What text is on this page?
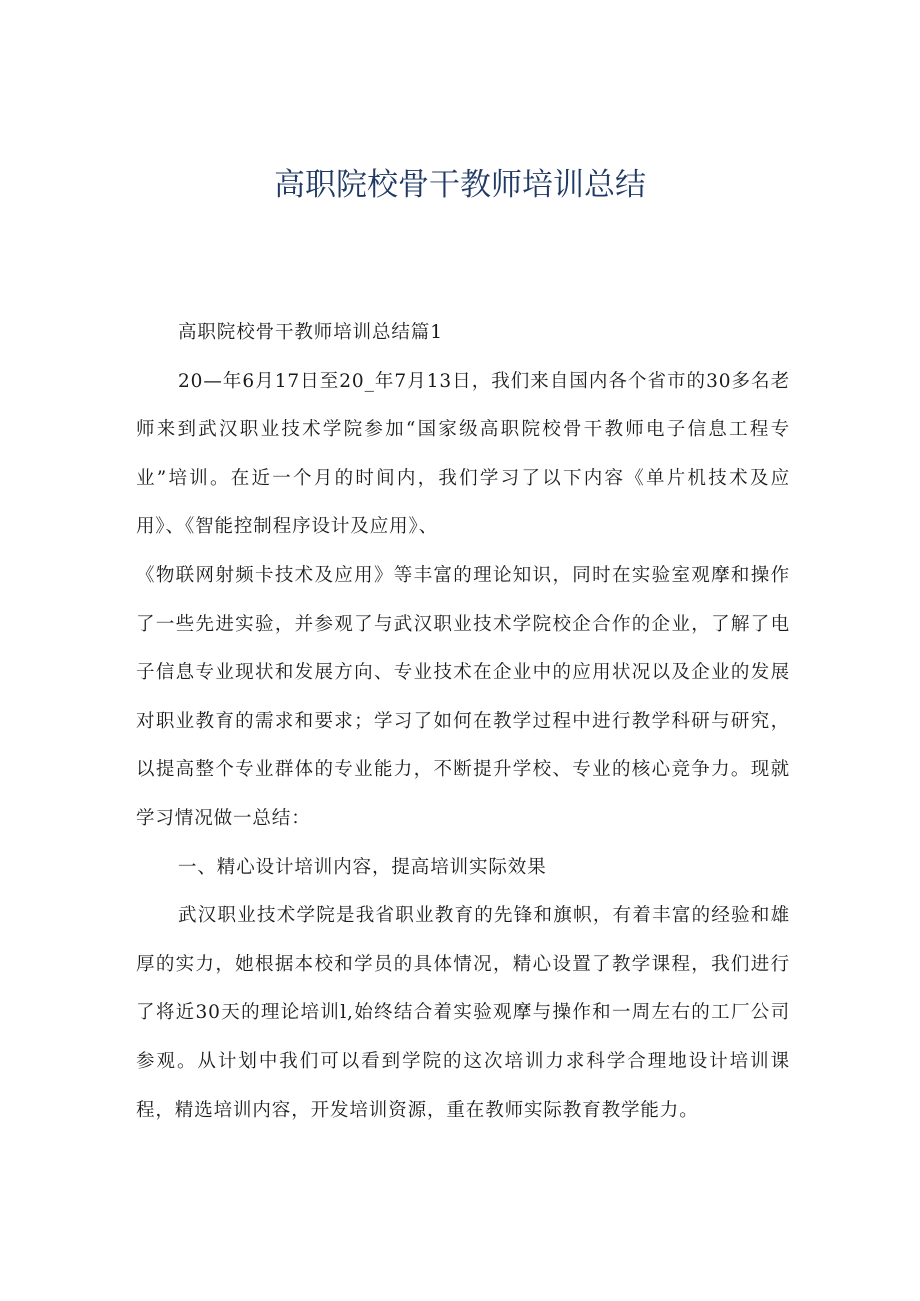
高职院校骨干教师培训总结

高职院校骨干教师培训总结篇1

20—年6月17日至20_年7月13日，我们来自国内各个省市的30多名老师来到武汉职业技术学院参加“国家级高职院校骨干教师电子信息工程专业”培训。在近一个月的时间内，我们学习了以下内容《单片机技术及应用》、《智能控制程序设计及应用》、

《物联网射频卡技术及应用》等丰富的理论知识，同时在实验室观摩和操作了一些先进实验，并参观了与武汉职业技术学院校企合作的企业，了解了电子信息专业现状和发展方向、专业技术在企业中的应用状况以及企业的发展对职业教育的需求和要求；学习了如何在教学过程中进行教学科研与研究，以提高整个专业群体的专业能力，不断提升学校、专业的核心竞争力。现就学习情况做一总结：

一、精心设计培训内容，提高培训实际效果

武汉职业技术学院是我省职业教育的先锋和旗帜，有着丰富的经验和雄厚的实力，她根据本校和学员的具体情况，精心设置了教学课程，我们进行了将近30天的理论培训l,始终结合着实验观摩与操作和一周左右的工厂公司参观。从计划中我们可以看到学院的这次培训力求科学合理地设计培训课程，精选培训内容，开发培训资源，重在教师实际教育教学能力。
